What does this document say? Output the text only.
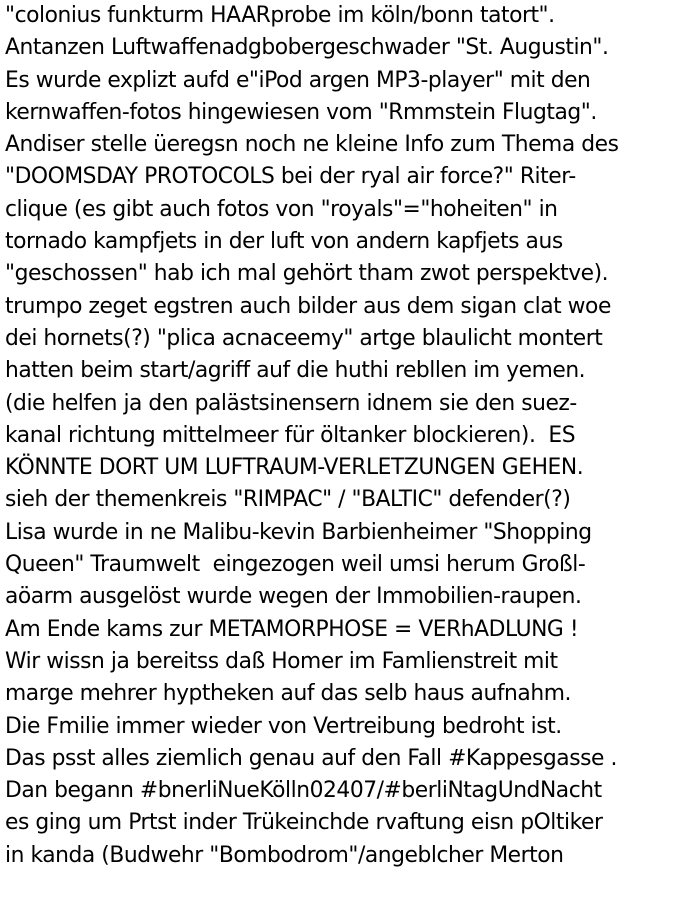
"colonius funkturm HAARprobe im köln/bonn tatort".
Antanzen Luftwaffenadgbobergeschwader "St. Augustin".
Es wurde explizt aufd e"iPod argen MP3-player" mit den
kernwaffen-fotos hingewiesen vom "Rmmstein Flugtag".
Andiser stelle üeregsn noch ne kleine Info zum Thema des
"DOOMSDAY PROTOCOLS bei der ryal air force?" Riter-
clique (es gibt auch fotos von "royals"="hoheiten" in
tornado kampfjets in der luft von andern kapfjets aus
"geschossen" hab ich mal gehört tham zwot perspektve).
trumpo zeget egstren auch bilder aus dem sigan clat woe
dei hornets(?) "plica acnaceemy" artge blaulicht montert
hatten beim start/agriff auf die huthi rebllen im yemen.
(die helfen ja den palästsinensern idnem sie den suez-
kanal richtung mittelmeer für öltanker blockieren).  ES
KÖNNTE DORT UM LUFTRAUM-VERLETZUNGEN GEHEN.
sieh der themenkreis "RIMPAC" / "BALTIC" defender(?)
Lisa wurde in ne Malibu-kevin Barbienheimer "Shopping
Queen" Traumwelt  eingezogen weil umsi herum Großl-
aöarm ausgelöst wurde wegen der Immobilien-raupen.
Am Ende kams zur METAMORPHOSE = VERhADLUNG !
Wir wissn ja bereitss daß Homer im Famlienstreit mit
marge mehrer hyptheken auf das selb haus aufnahm.
Die Fmilie immer wieder von Vertreibung bedroht ist.
Das psst alles ziemlich genau auf den Fall #Kappesgasse .
Dan begann #bnerliNueKölln02407/#berliNtagUndNacht
es ging um Prtst inder Trükeinchde rvaftung eisn pOltiker
in kanda (Budwehr "Bombodrom"/angeblcher Merton
